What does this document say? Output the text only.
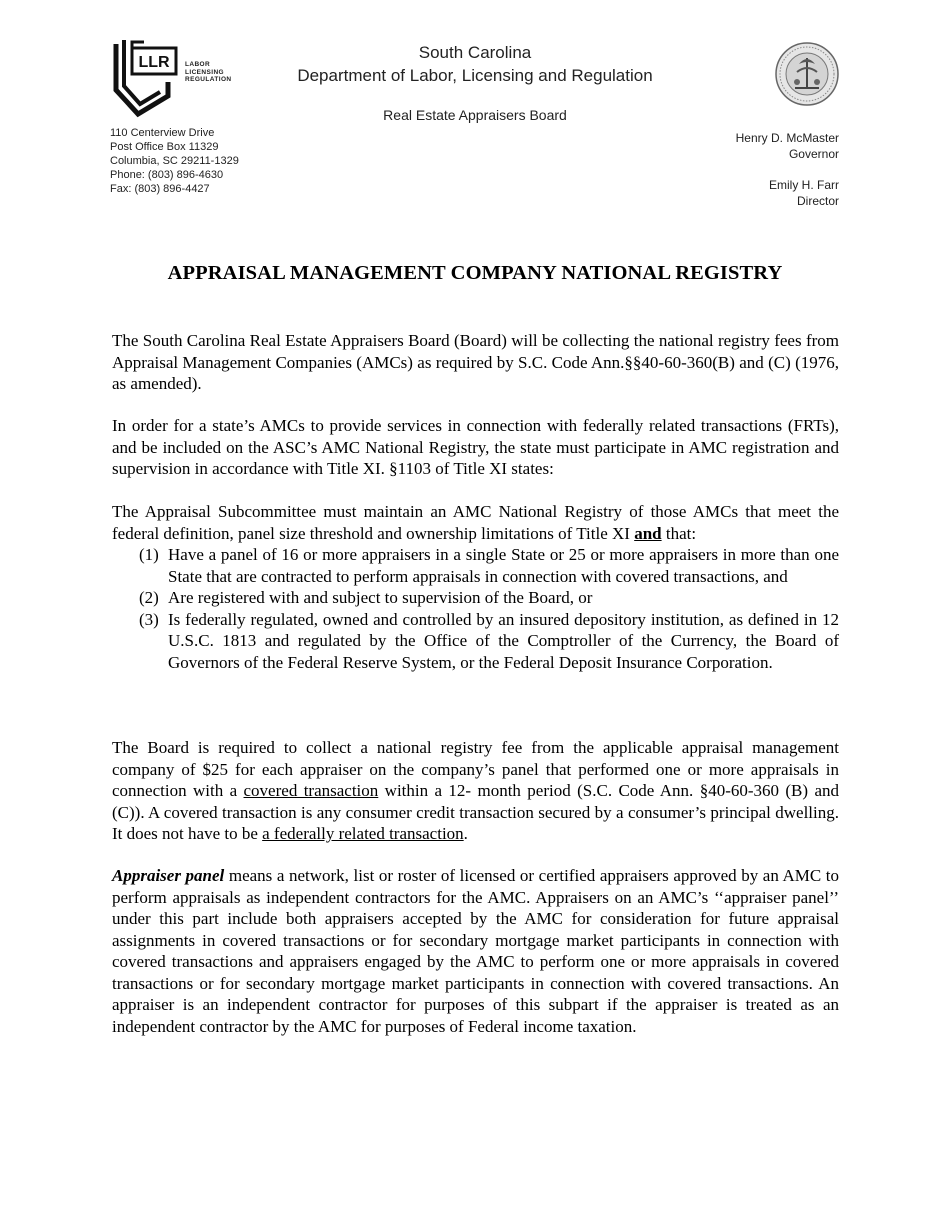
LLR LABOR
LICENSING
REGULATION
South Carolina
Department of Labor, Licensing and Regulation
Real Estate Appraisers Board
110 Centerview Drive
Post Office Box 11329
Columbia, SC 29211-1329
Phone: (803) 896-4630
Fax: (803) 896-4427
Henry D. McMaster
Governor
Emily H. Farr
Director
APPRAISAL MANAGEMENT COMPANY NATIONAL REGISTRY

The South Carolina Real Estate Appraisers Board (Board) will be collecting the national registry fees from Appraisal Management Companies (AMCs) as required by S.C. Code Ann.§§40-60-360(B) and (C) (1976, as amended).

In order for a state’s AMCs to provide services in connection with federally related transactions (FRTs), and be included on the ASC’s AMC National Registry, the state must participate in AMC registration and supervision in accordance with Title XI. §1103 of Title XI states:

The Appraisal Subcommittee must maintain an AMC National Registry of those AMCs that meet the federal definition, panel size threshold and ownership limitations of Title XI and that:

(1) Have a panel of 16 or more appraisers in a single State or 25 or more appraisers in more than one State that are contracted to perform appraisals in connection with covered transactions, and
(2) Are registered with and subject to supervision of the Board, or
(3) Is federally regulated, owned and controlled by an insured depository institution, as defined in 12 U.S.C. 1813 and regulated by the Office of the Comptroller of the Currency, the Board of Governors of the Federal Reserve System, or the Federal Deposit Insurance Corporation.

The Board is required to collect a national registry fee from the applicable appraisal management company of $25 for each appraiser on the company’s panel that performed one or more appraisals in connection with a covered transaction within a 12- month period (S.C. Code Ann. §40-60-360 (B) and (C)). A covered transaction is any consumer credit transaction secured by a consumer’s principal dwelling. It does not have to be a federally related transaction.

Appraiser panel means a network, list or roster of licensed or certified appraisers approved by an AMC to perform appraisals as independent contractors for the AMC. Appraisers on an AMC’s ‘‘appraiser panel’’ under this part include both appraisers accepted by the AMC for consideration for future appraisal assignments in covered transactions or for secondary mortgage market participants in connection with covered transactions and appraisers engaged by the AMC to perform one or more appraisals in covered transactions or for secondary mortgage market participants in connection with covered transactions. An appraiser is an independent contractor for purposes of this subpart if the appraiser is treated as an independent contractor by the AMC for purposes of Federal income taxation.
